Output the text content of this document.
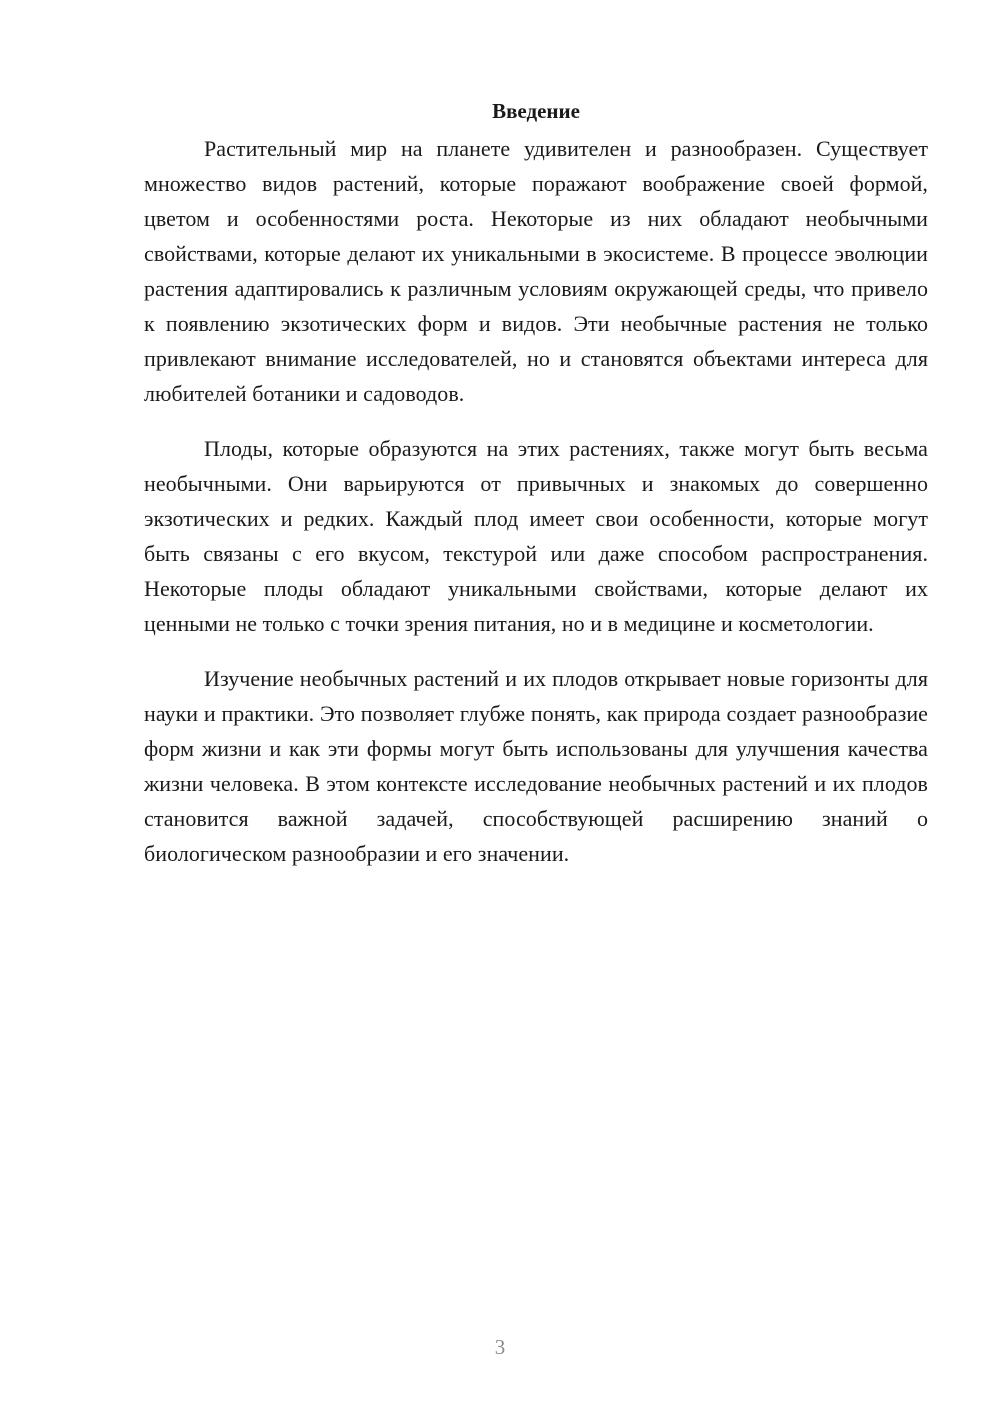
Введение

Растительный мир на планете удивителен и разнообразен. Существует множество видов растений, которые поражают воображение своей формой, цветом и особенностями роста. Некоторые из них обладают необычными свойствами, которые делают их уникальными в экосистеме. В процессе эволюции растения адаптировались к различным условиям окружающей среды, что привело к появлению экзотических форм и видов. Эти необычные растения не только привлекают внимание исследователей, но и становятся объектами интереса для любителей ботаники и садоводов.

Плоды, которые образуются на этих растениях, также могут быть весьма необычными. Они варьируются от привычных и знакомых до совершенно экзотических и редких. Каждый плод имеет свои особенности, которые могут быть связаны с его вкусом, текстурой или даже способом распространения. Некоторые плоды обладают уникальными свойствами, которые делают их ценными не только с точки зрения питания, но и в медицине и косметологии.

Изучение необычных растений и их плодов открывает новые горизонты для науки и практики. Это позволяет глубже понять, как природа создает разнообразие форм жизни и как эти формы могут быть использованы для улучшения качества жизни человека. В этом контексте исследование необычных растений и их плодов становится важной задачей, способствующей расширению знаний о биологическом разнообразии и его значении.

3
